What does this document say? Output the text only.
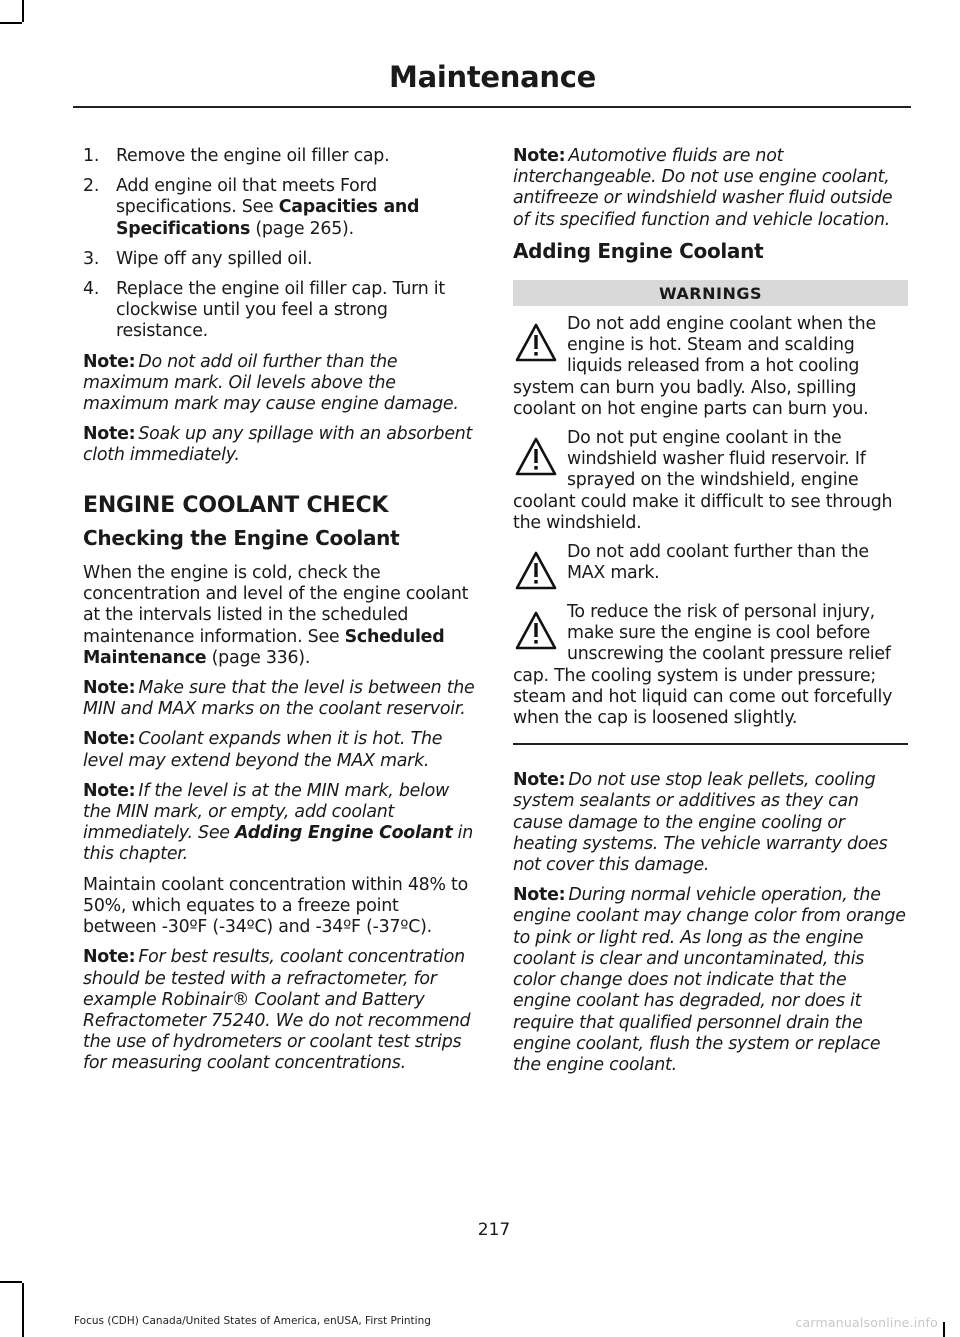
Maintenance
1. Remove the engine oil filler cap.
2. Add engine oil that meets Ford specifications. See Capacities and Specifications (page 265).
3. Wipe off any spilled oil.
4. Replace the engine oil filler cap. Turn it clockwise until you feel a strong resistance.

Note: Do not add oil further than the maximum mark. Oil levels above the maximum mark may cause engine damage.

Note: Soak up any spillage with an absorbent cloth immediately.

ENGINE COOLANT CHECK
Checking the Engine Coolant

When the engine is cold, check the concentration and level of the engine coolant at the intervals listed in the scheduled maintenance information. See Scheduled Maintenance (page 336).

Note: Make sure that the level is between the MIN and MAX marks on the coolant reservoir.

Note: Coolant expands when it is hot. The level may extend beyond the MAX mark.

Note: If the level is at the MIN mark, below the MIN mark, or empty, add coolant immediately. See Adding Engine Coolant in this chapter.

Maintain coolant concentration within 48% to 50%, which equates to a freeze point between -30ºF (-34ºC) and -34ºF (-37ºC).

Note: For best results, coolant concentration should be tested with a refractometer, for example Robinair® Coolant and Battery Refractometer 75240. We do not recommend the use of hydrometers or coolant test strips for measuring coolant concentrations.

Note: Automotive fluids are not interchangeable. Do not use engine coolant, antifreeze or windshield washer fluid outside of its specified function and vehicle location.

Adding Engine Coolant
WARNINGS
Do not add engine coolant when the engine is hot. Steam and scalding liquids released from a hot cooling system can burn you badly. Also, spilling coolant on hot engine parts can burn you.
Do not put engine coolant in the windshield washer fluid reservoir. If sprayed on the windshield, engine coolant could make it difficult to see through the windshield.
Do not add coolant further than the MAX mark.
To reduce the risk of personal injury, make sure the engine is cool before unscrewing the coolant pressure relief cap. The cooling system is under pressure; steam and hot liquid can come out forcefully when the cap is loosened slightly.

Note: Do not use stop leak pellets, cooling system sealants or additives as they can cause damage to the engine cooling or heating systems. The vehicle warranty does not cover this damage.

Note: During normal vehicle operation, the engine coolant may change color from orange to pink or light red. As long as the engine coolant is clear and uncontaminated, this color change does not indicate that the engine coolant has degraded, nor does it require that qualified personnel drain the engine coolant, flush the system or replace the engine coolant.

217
Focus (CDH) Canada/United States of America, enUSA, First Printing	carmanualsonline.info
